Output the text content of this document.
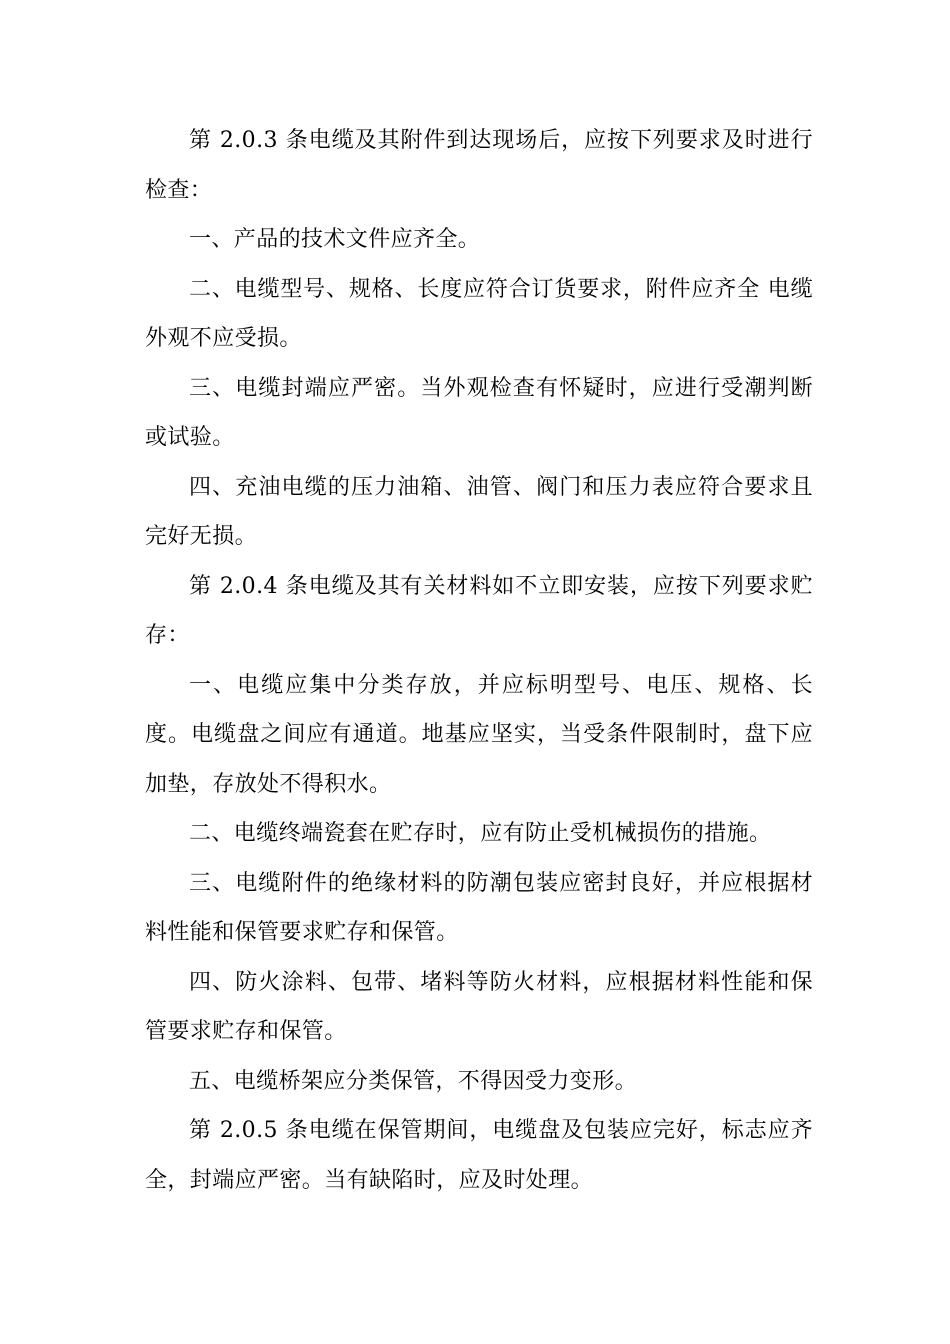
第 2.0.3 条电缆及其附件到达现场后，应按下列要求及时进行检查：

一、产品的技术文件应齐全。

二、电缆型号、规格、长度应符合订货要求，附件应齐全 电缆外观不应受损。

三、电缆封端应严密。当外观检查有怀疑时，应进行受潮判断或试验。

四、充油电缆的压力油箱、油管、阀门和压力表应符合要求且完好无损。

第 2.0.4 条电缆及其有关材料如不立即安装，应按下列要求贮存：

一、电缆应集中分类存放，并应标明型号、电压、规格、长度。电缆盘之间应有通道。地基应坚实，当受条件限制时，盘下应加垫，存放处不得积水。

二、电缆终端瓷套在贮存时，应有防止受机械损伤的措施。

三、电缆附件的绝缘材料的防潮包装应密封良好，并应根据材料性能和保管要求贮存和保管。

四、防火涂料、包带、堵料等防火材料，应根据材料性能和保管要求贮存和保管。

五、电缆桥架应分类保管，不得因受力变形。

第 2.0.5 条电缆在保管期间，电缆盘及包装应完好，标志应齐全，封端应严密。当有缺陷时，应及时处理。
